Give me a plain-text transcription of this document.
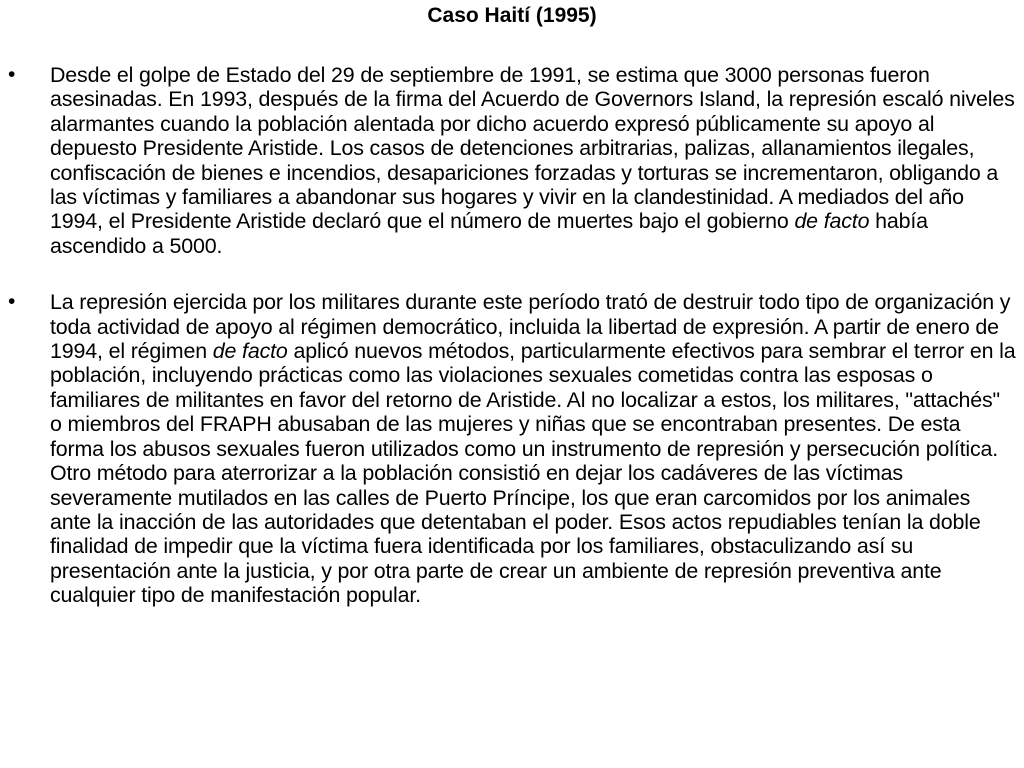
Caso Haití (1995)
•	Desde el golpe de Estado del 29 de septiembre de 1991, se estima que 3000 personas fueron asesinadas. En 1993, después de la firma del Acuerdo de Governors Island, la represión escaló niveles alarmantes cuando la población alentada por dicho acuerdo expresó públicamente su apoyo al depuesto Presidente Aristide. Los casos de detenciones arbitrarias, palizas, allanamientos ilegales, confiscación de bienes e incendios, desapariciones forzadas y torturas se incrementaron, obligando a las víctimas y familiares a abandonar sus hogares y vivir en la clandestinidad. A mediados del año 1994, el Presidente Aristide declaró que el número de muertes bajo el gobierno de facto había ascendido a 5000.
•	La represión ejercida por los militares durante este período trató de destruir todo tipo de organización y toda actividad de apoyo al régimen democrático, incluida la libertad de expresión. A partir de enero de 1994, el régimen de facto aplicó nuevos métodos, particularmente efectivos para sembrar el terror en la población, incluyendo prácticas como las violaciones sexuales cometidas contra las esposas o familiares de militantes en favor del retorno de Aristide. Al no localizar a estos, los militares, "attachés" o miembros del FRAPH abusaban de las mujeres y niñas que se encontraban presentes. De esta forma los abusos sexuales fueron utilizados como un instrumento de represión y persecución política. Otro método para aterrorizar a la población consistió en dejar los cadáveres de las víctimas severamente mutilados en las calles de Puerto Príncipe, los que eran carcomidos por los animales ante la inacción de las autoridades que detentaban el poder. Esos actos repudiables tenían la doble finalidad de impedir que la víctima fuera identificada por los familiares, obstaculizando así su presentación ante la justicia, y por otra parte de crear un ambiente de represión preventiva ante cualquier tipo de manifestación popular.
